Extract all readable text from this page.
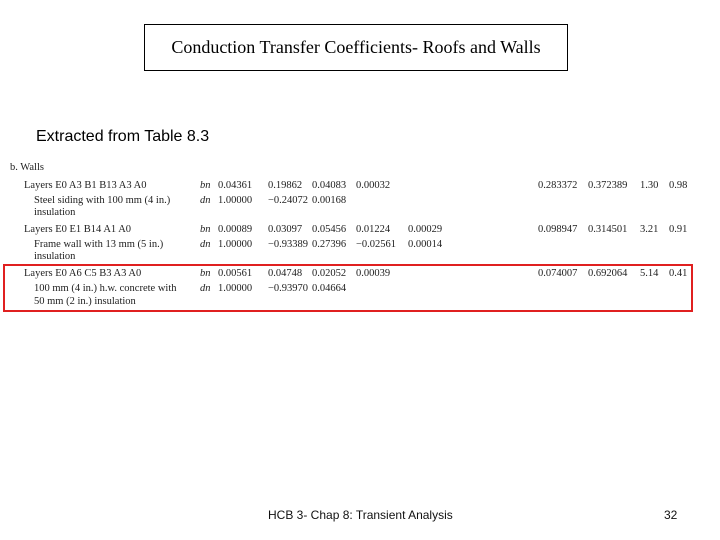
Conduction Transfer Coefficients- Roofs and Walls
Extracted from Table 8.3
b. Walls
Layers E0 A3 B1 B13 A3 A0	bn 0.04361 0.19862 0.04083 0.00032	0.283372 0.372389 1.30 0.98
Steel siding with 100 mm (4 in.)	dn 1.00000 −0.24072 0.00168
insulation
Layers E0 E1 B14 A1 A0	bn 0.00089 0.03097 0.05456 0.01224 0.00029	0.098947 0.314501 3.21 0.91
Frame wall with 13 mm (5 in.)	dn 1.00000 −0.93389 0.27396 −0.02561 0.00014
insulation
Layers E0 A6 C5 B3 A3 A0	bn 0.00561 0.04748 0.02052 0.00039	0.074007 0.692064 5.14 0.41
100 mm (4 in.) h.w. concrete with dn 1.00000 −0.93970 0.04664
50 mm (2 in.) insulation
HCB 3- Chap 8: Transient Analysis	32
